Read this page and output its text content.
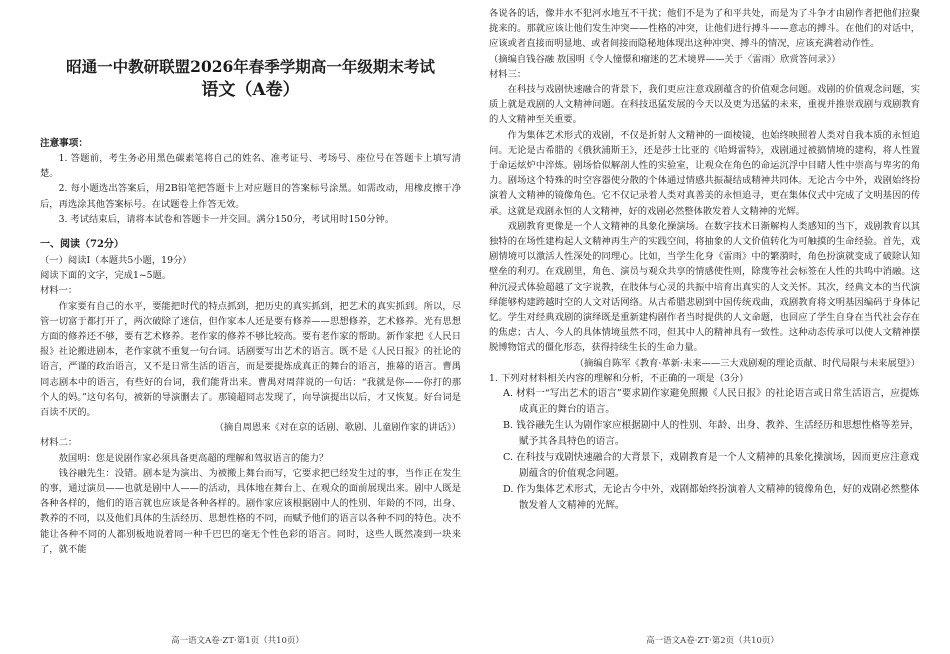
昭通一中教研联盟2026年春季学期高一年级期末考试
语文（A卷）
注意事项：

1. 答题前，考生务必用黑色碳素笔将自己的姓名、准考证号、考场号、座位号在答题卡上填写清楚。

2. 每小题选出答案后，用2B铅笔把答题卡上对应题目的答案标号涂黑。如需改动，用橡皮擦干净后，再选涂其他答案标号。在试题卷上作答无效。

3. 考试结束后，请将本试卷和答题卡一并交回。满分150分，考试用时150分钟。

一、阅读（72分）

（一）阅读Ⅰ（本题共5小题，19分）

阅读下面的文字，完成1~5题。

材料一：

作家要有自己的水平，要能把时代的特点抓到，把历史的真实抓到，把艺术的真实抓到。所以，尽管一切富于都打开了，两次破除了迷信，但作家本人还是要有修养——思想修养，艺术修养。光有思想方面的修养还不够，要有艺术修养。老作家的修养不够比较高。要有老作家的帮助。新作家把《人民日报》社论搬进剧本，老作家就不重复一句台词。话剧要写出艺术的语言。既不是《人民日报》的社论的语言，严谨的政治语言，又不是日常生活的语言，而是要提炼成真正的舞台的语言，推幕的语言。曹禺同志剧本中的语言，有些好的台词，我们能背出来。曹禺对周萍说的一句话：“我就是你——你打的那个人的妈。”这句名句，被新的导演删去了。那镜超同志发现了，向导演提出以后，才又恢复。好台词是百读不厌的。

（摘自周恩来《对在京的话剧、歌剧、儿童剧作家的讲话》）

材料二：

敖国明：您是说剧作家必须具备更高超的理解和驾驭语言的能力？

钱谷融先生：没错。剧本是为演出、为被搬上舞台而写，它要求把已经发生过的事，当作正在发生的事，通过演员——也就是剧中人——的活动，具体地在舞台上、在观众的面前展现出来。剧中人既是各种各样的，他们的语言就也应该是各种各样的。剧作家应该根据剧中人的性别、年龄的不同，出身、教养的不同，以及他们具体的生活经历、思想性格的不同，而赋予他们的语言以各种不同的特色。决不能让各种不同的人都别板地说着同一种千巴巴的毫无个性色彩的语言。同时，这些人既然凑到一块来了，就不能

高一语文A卷·ZT·第1页（共10页）

各说各的话，像井水不犯河水地互不干扰；他们不是为了和平共处，而是为了斗争才由剧作者把他们拉聚拢来的。那就应该让他们发生冲突——性格的冲突，让他们进行搏斗——意志的搏斗。在他们的对话中，应该或者直接而明显地、或者间接而隐秘地体现出这种冲突、搏斗的情况，应该充满着动作性。

（摘编自钱谷融 敖国明《令人憧憬和瘤迷的艺术境界——关于〈雷雨〉欣赏答问录》）

材料三：

在科技与戏剧快速融合的背景下，我们更应注意戏剧蕴含的价值观念问题。戏剧的价值观念问题，实质上就是戏剧的人文精神问题。在科技迅猛发展的今天以及更为迅猛的未来，重视并推崇戏剧与戏剧教育的人文精神至关重要。

作为集体艺术形式的戏剧，不仅是折射人文精神的一面棱镜，也始终映照着人类对自我本质的永恒追问。无论是古希腊的《俄狄浦斯王》，还是莎士比亚的《哈姆雷特》，戏剧通过被搞情境的建构，将人性置于命运炫炉中淬炼。剧场恰似解剖人性的实验室，让观众在角色的命运沉浮中目睹人性中崇高与卑劣的角力。剧场这个特殊的时空容器使分散的个体通过情感共振凝结成精神共同体。无论古今中外，戏剧始终扮演着人文精神的镜像角色。它不仅记录着人类对真善美的永恒追寻，更在集体仪式中完成了文明基因的传承。这就是戏剧永恒的人文精神，好的戏剧必然整体散发着人文精神的光辉。

戏剧教育更像是一个人文精神的具象化操演场。在数字技术日渐解构人类感知的当下，戏剧教育以其独特的在场性建构起人文精神再生产的实践空间，将抽象的人文价值转化为可触摸的生命经验。首先，戏剧情境可以激活人性深处的同理心。比如，当学生化身《雷雨》中的繁漪时，角色扮演就变成了破除认知壁垒的利刃。在戏剧里，角色、演员与观众共享的情感使性则，除蔑等社会标签在人性的共鸣中消融。这种沉浸式体验超越了文字说教，在肢体与心灵的共振中培育出真实的人文关怀。其次，经典文本的当代演绎能够构建跨越时空的人文对话网络。从古希腊悲剧到中国传统戏曲，戏剧教育将文明基因编码于身体记忆。学生对经典戏剧的演绎既是重新建构剧作者当时提供的人文命题，也回应了学生自身在当代社会存在的焦虑；古人、今人的具体情境虽然不同，但其中人的精神具有一致性。这种动态传承可以使人文精神摆脱博物馆式的僵化形态，获得持续生长的生命力量。

（摘编自陈军《教育·革新·未来——三大戏剧观的理论贡献、时代局限与未来展望》）

1. 下列对材料相关内容的理解和分析，不正确的一项是（3分）

A. 材料一“写出艺术的语言”要求剧作家避免照搬《人民日报》的社论语言或日常生活语言，应提炼成真正的舞台的语言。

B. 钱谷融先生认为剧作家应根据剧中人的性别、年龄、出身、教养、生活经历和思想性格等差异，赋予其各具特色的语言。

C. 在科技与戏剧快速融合的大背景下，戏剧教育是一个人文精神的具象化操演场，因而更应注意戏剧蕴含的价值观念问题。

D. 作为集体艺术形式，无论古今中外，戏剧都始终扮演着人文精神的镜像角色，好的戏剧必然整体散发着人文精神的光辉。

高一语文A卷·ZT·第2页（共10页）
